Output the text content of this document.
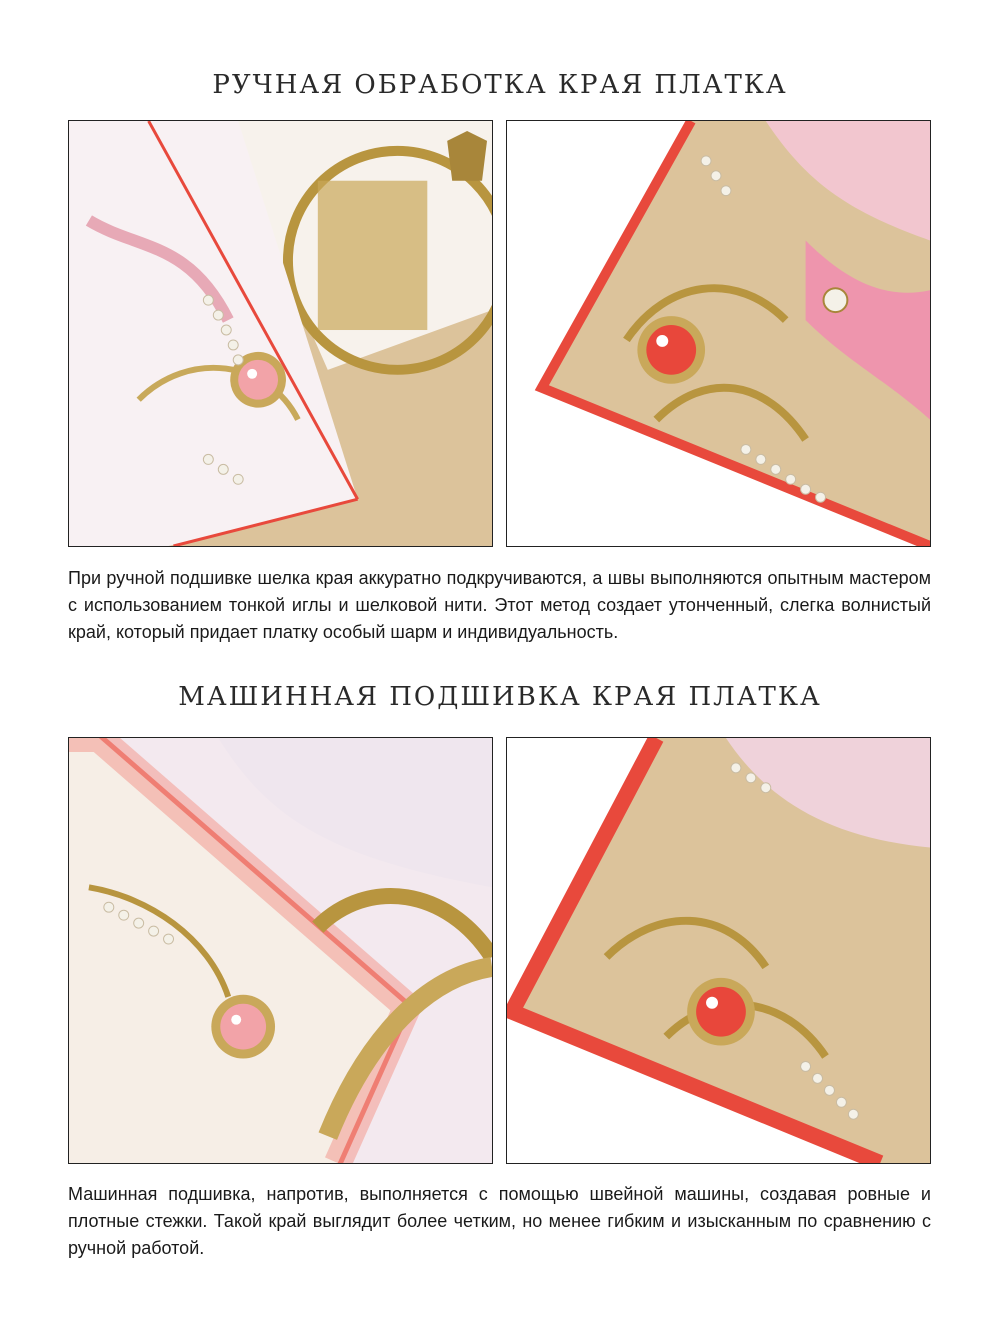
РУЧНАЯ ОБРАБОТКА КРАЯ ПЛАТКА

При ручной подшивке шелка края аккуратно подкручиваются, а швы выполняются опытным мастером с использованием тонкой иглы и шелковой нити. Этот метод создает утонченный, слегка волнистый край, который придает платку особый шарм и индивидуальность.

МАШИННАЯ ПОДШИВКА КРАЯ ПЛАТКА

Машинная подшивка, напротив, выполняется с помощью швейной машины, создавая ровные и плотные стежки. Такой край выглядит более четким, но менее гибким и изысканным по сравнению с ручной работой.
